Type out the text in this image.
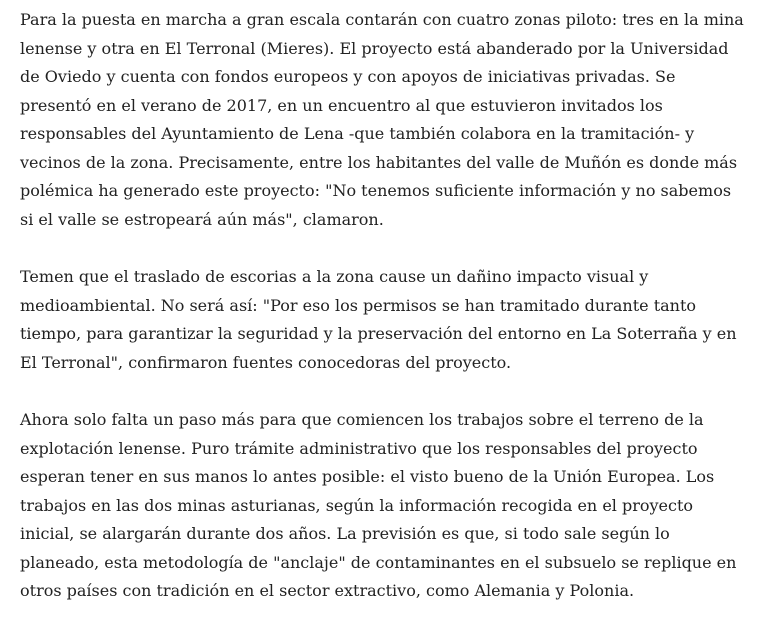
Para la puesta en marcha a gran escala contarán con cuatro zonas piloto: tres en la mina lenense y otra en El Terronal (Mieres). El proyecto está abanderado por la Universidad de Oviedo y cuenta con fondos europeos y con apoyos de iniciativas privadas. Se presentó en el verano de 2017, en un encuentro al que estuvieron invitados los responsables del Ayuntamiento de Lena -que también colabora en la tramitación- y vecinos de la zona. Precisamente, entre los habitantes del valle de Muñón es donde más polémica ha generado este proyecto: "No tenemos suficiente información y no sabemos si el valle se estropeará aún más", clamaron.

Temen que el traslado de escorias a la zona cause un dañino impacto visual y medioambiental. No será así: "Por eso los permisos se han tramitado durante tanto tiempo, para garantizar la seguridad y la preservación del entorno en La Soterraña y en El Terronal", confirmaron fuentes conocedoras del proyecto.

Ahora solo falta un paso más para que comiencen los trabajos sobre el terreno de la explotación lenense. Puro trámite administrativo que los responsables del proyecto esperan tener en sus manos lo antes posible: el visto bueno de la Unión Europea. Los trabajos en las dos minas asturianas, según la información recogida en el proyecto inicial, se alargarán durante dos años. La previsión es que, si todo sale según lo planeado, esta metodología de "anclaje" de contaminantes en el subsuelo se replique en otros países con tradición en el sector extractivo, como Alemania y Polonia.
